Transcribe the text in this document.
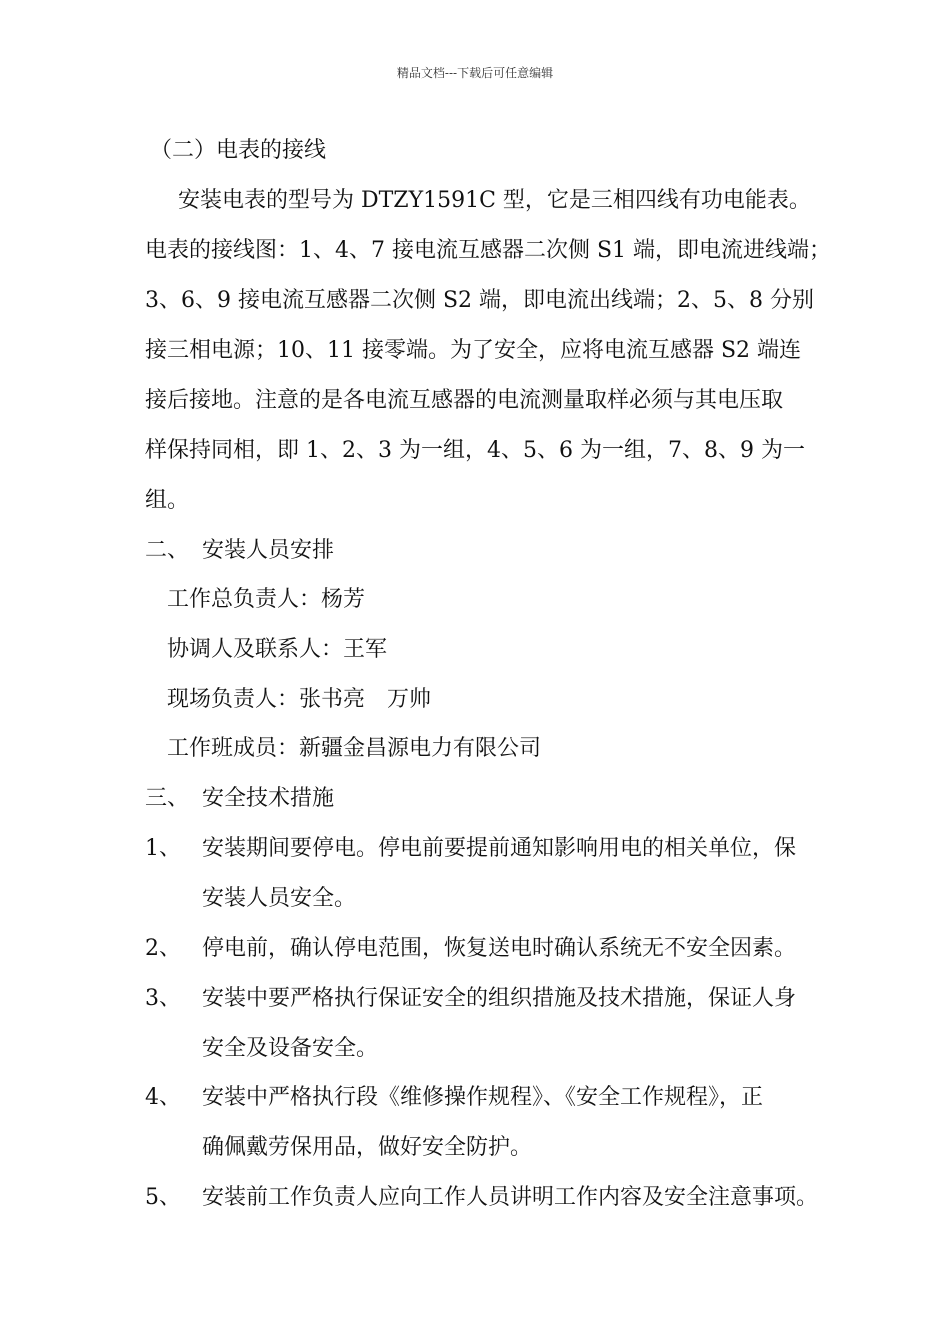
精品文档---下载后可任意编辑
（二）电表的接线
安装电表的型号为 DTZY1591C 型，它是三相四线有功电能表。
电表的接线图：1、4、7 接电流互感器二次侧 S1 端，即电流进线端；
3、6、9 接电流互感器二次侧 S2 端，即电流出线端；2、5、8 分别
接三相电源；10、11 接零端。为了安全，应将电流互感器 S2 端连
接后接地。注意的是各电流互感器的电流测量取样必须与其电压取
样保持同相，即 1、2、3 为一组，4、5、6 为一组，7、8、9 为一
组。
二、 安装人员安排
工作总负责人：杨芳
协调人及联系人：王军
现场负责人：张书亮　万帅
工作班成员：新疆金昌源电力有限公司
三、 安全技术措施
1、 安装期间要停电。停电前要提前通知影响用电的相关单位，保
安装人员安全。
2、 停电前，确认停电范围，恢复送电时确认系统无不安全因素。
3、 安装中要严格执行保证安全的组织措施及技术措施，保证人身
安全及设备安全。
4、 安装中严格执行段《维修操作规程》、《安全工作规程》，正
确佩戴劳保用品，做好安全防护。
5、 安装前工作负责人应向工作人员讲明工作内容及安全注意事项。
